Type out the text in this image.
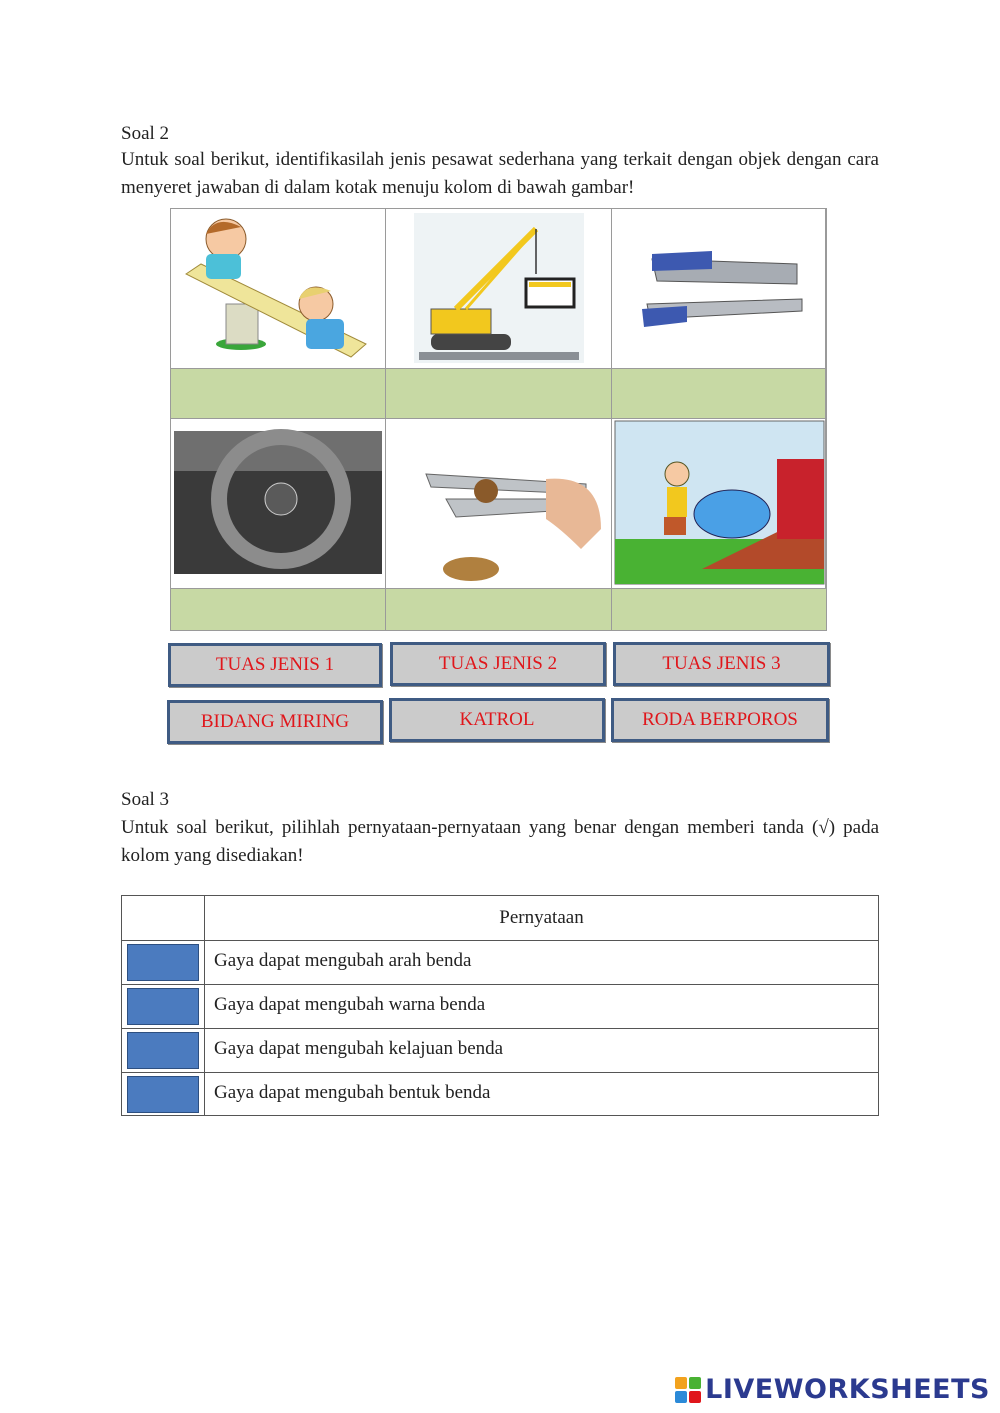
Soal 2
Untuk soal berikut, identifikasilah jenis pesawat sederhana yang terkait dengan objek dengan cara menyeret jawaban di dalam kotak menuju kolom di bawah gambar!
TUAS JENIS 1	TUAS JENIS 2	TUAS JENIS 3
BIDANG MIRING	KATROL	RODA BERPOROS
Soal 3
Untuk soal berikut, pilihlah pernyataan-pernyataan yang benar dengan memberi tanda (√) pada kolom yang disediakan!
Pernyataan
Gaya dapat mengubah arah benda
Gaya dapat mengubah warna benda
Gaya dapat mengubah kelajuan benda
Gaya dapat mengubah bentuk benda
LIVEWORKSHEETS
